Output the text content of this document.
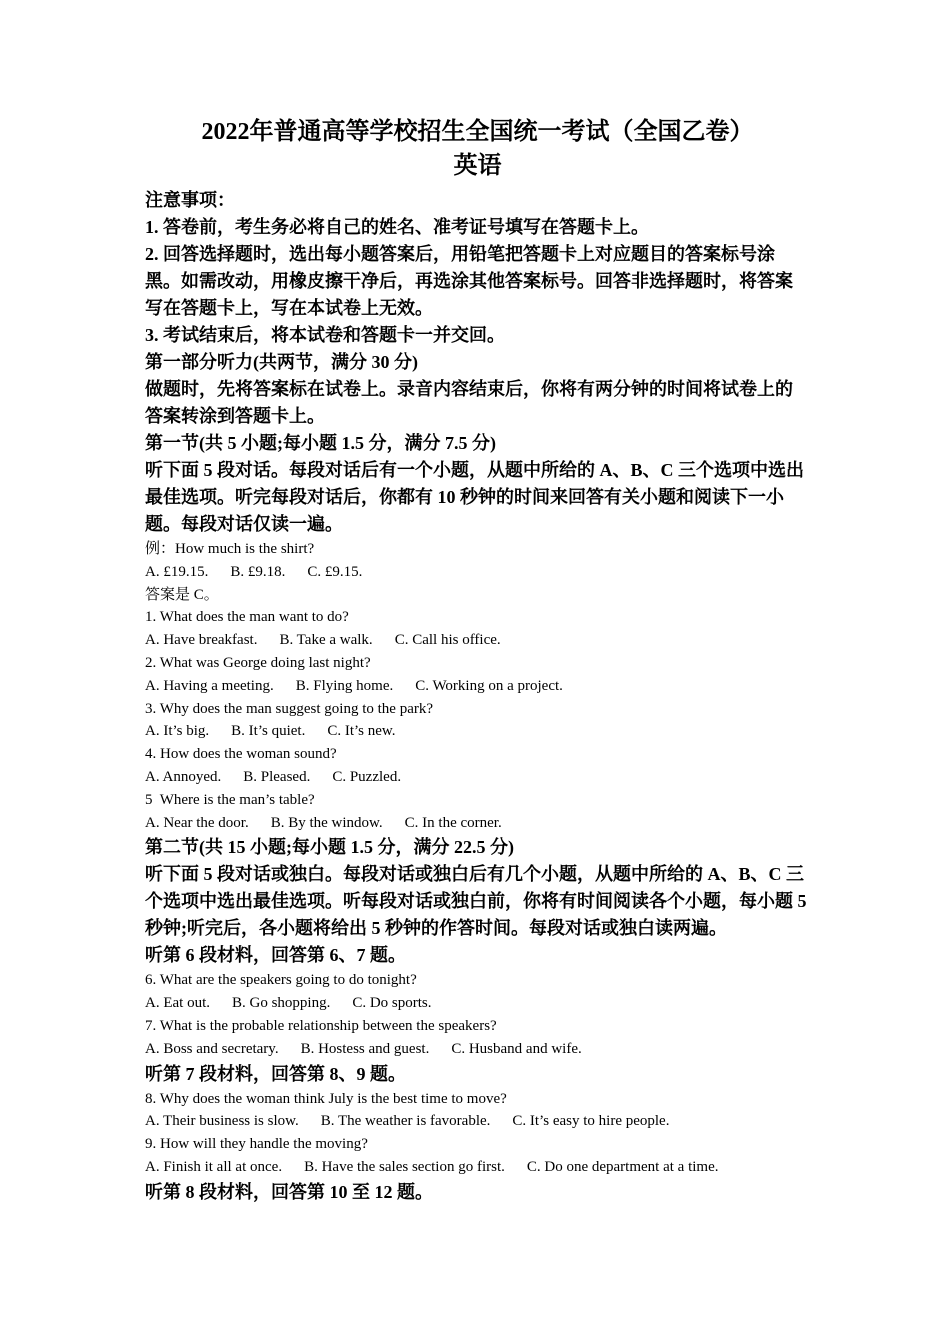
2022年普通高等学校招生全国统一考试（全国乙卷）

英语

注意事项：

1. 答卷前，考生务必将自己的姓名、准考证号填写在答题卡上。

2. 回答选择题时，选出每小题答案后，用铅笔把答题卡上对应题目的答案标号涂黑。如需改动，用橡皮擦干净后，再选涂其他答案标号。回答非选择题时，将答案写在答题卡上，写在本试卷上无效。

3. 考试结束后，将本试卷和答题卡一并交回。

第一部分听力(共两节，满分 30 分)

做题时，先将答案标在试卷上。录音内容结束后，你将有两分钟的时间将试卷上的答案转涂到答题卡上。

第一节(共 5 小题;每小题 1.5 分，满分 7.5 分)

听下面 5 段对话。每段对话后有一个小题，从题中所给的 A、B、C 三个选项中选出最佳选项。听完每段对话后，你都有 10 秒钟的时间来回答有关小题和阅读下一小题。每段对话仅读一遍。

例：How much is the shirt?

A. £19.15. B. £9.18. C. £9.15.

答案是 C。

1. What does the man want to do?

A. Have breakfast. B. Take a walk. C. Call his office.

2. What was George doing last night?

A. Having a meeting. B. Flying home. C. Working on a project.

3. Why does the man suggest going to the park?

A. It’s big. B. It’s quiet. C. It’s new.

4. How does the woman sound?

A. Annoyed. B. Pleased. C. Puzzled.

5  Where is the man’s table?

A. Near the door. B. By the window. C. In the corner.

第二节(共 15 小题;每小题 1.5 分，满分 22.5 分)

听下面 5 段对话或独白。每段对话或独白后有几个小题，从题中所给的 A、B、C 三个选项中选出最佳选项。听每段对话或独白前，你将有时间阅读各个小题，每小题 5 秒钟;听完后，各小题将给出 5 秒钟的作答时间。每段对话或独白读两遍。

听第 6 段材料，回答第 6、7 题。

6. What are the speakers going to do tonight?

A. Eat out. B. Go shopping. C. Do sports.

7. What is the probable relationship between the speakers?

A. Boss and secretary. B. Hostess and guest. C. Husband and wife.

听第 7 段材料，回答第 8、9 题。

8. Why does the woman think July is the best time to move?

A. Their business is slow. B. The weather is favorable. C. It’s easy to hire people.

9. How will they handle the moving?

A. Finish it all at once. B. Have the sales section go first. C. Do one department at a time.

听第 8 段材料，回答第 10 至 12 题。
